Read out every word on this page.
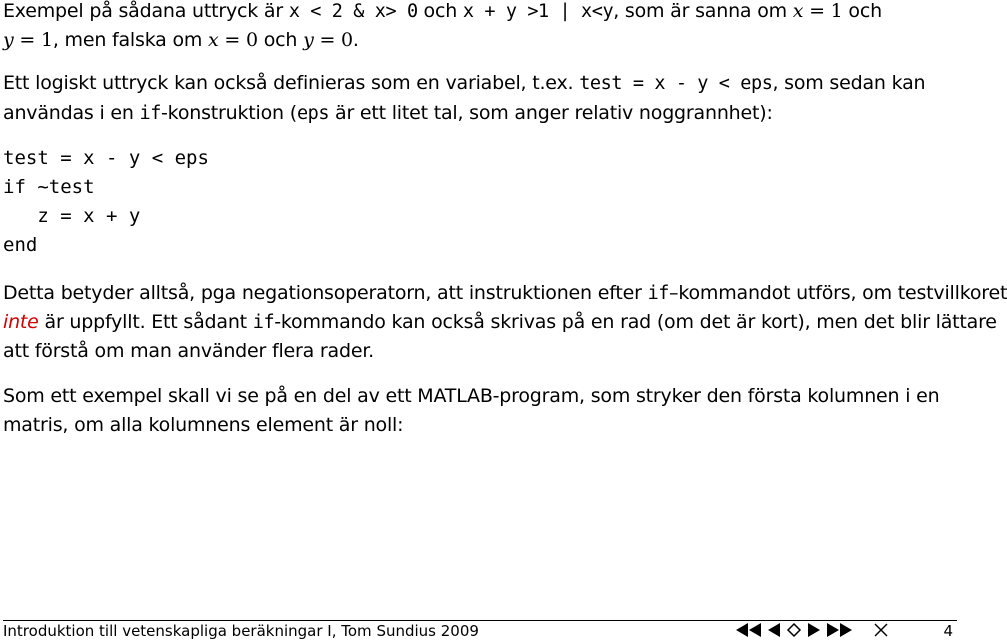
Exempel på sådana uttryck är x < 2 & x> 0 och x + y >1 | x<y, som är sanna om x = 1 och
y = 1, men falska om x = 0 och y = 0.
Ett logiskt uttryck kan också definieras som en variabel, t.ex. test = x - y < eps, som sedan kan
användas i en if-konstruktion (eps är ett litet tal, som anger relativ noggrannhet):
test = x - y < eps
if ~test
z = x + y
end
Detta betyder alltså, pga negationsoperatorn, att instruktionen efter if–kommandot utförs, om testvillkoret
inte är uppfyllt. Ett sådant if-kommando kan också skrivas på en rad (om det är kort), men det blir lättare
att förstå om man använder flera rader.
Som ett exempel skall vi se på en del av ett MATLAB-program, som stryker den första kolumnen i en
matris, om alla kolumnens element är noll:
Introduktion till vetenskapliga beräkningar I, Tom Sundius 2009	4
